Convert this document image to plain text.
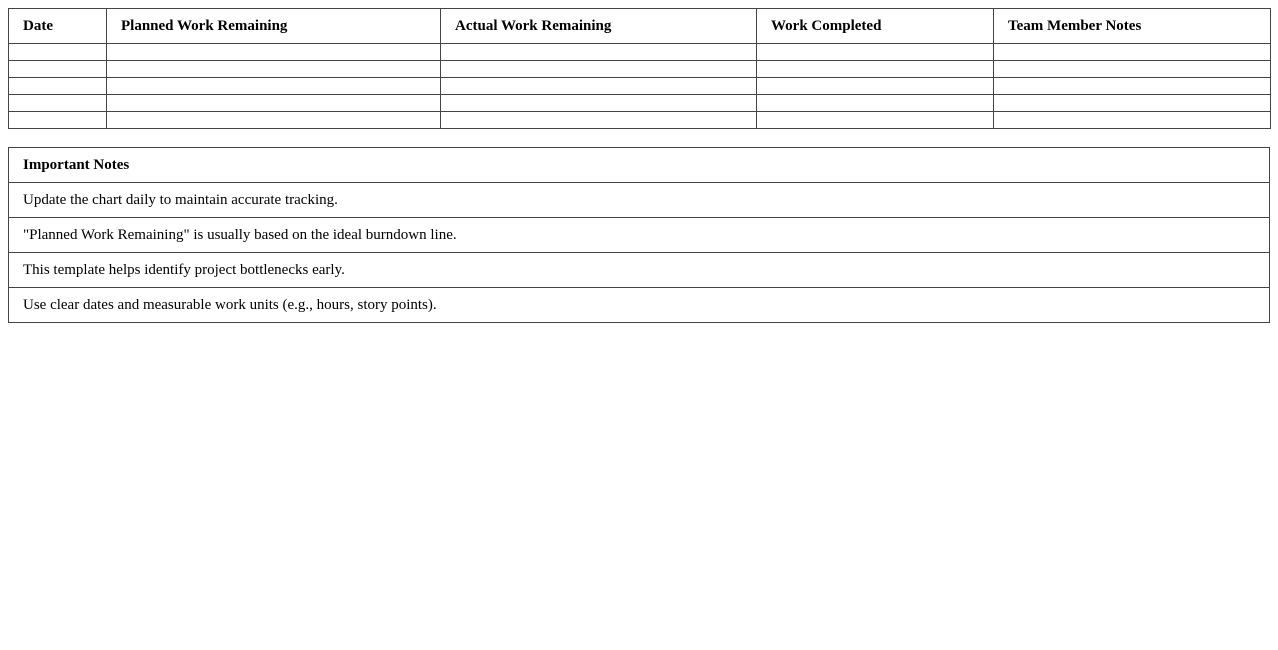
Date	Planned Work Remaining	Actual Work Remaining	Work Completed	Team Member Notes

Important Notes
Update the chart daily to maintain accurate tracking.
"Planned Work Remaining" is usually based on the ideal burndown line.
This template helps identify project bottlenecks early.
Use clear dates and measurable work units (e.g., hours, story points).
